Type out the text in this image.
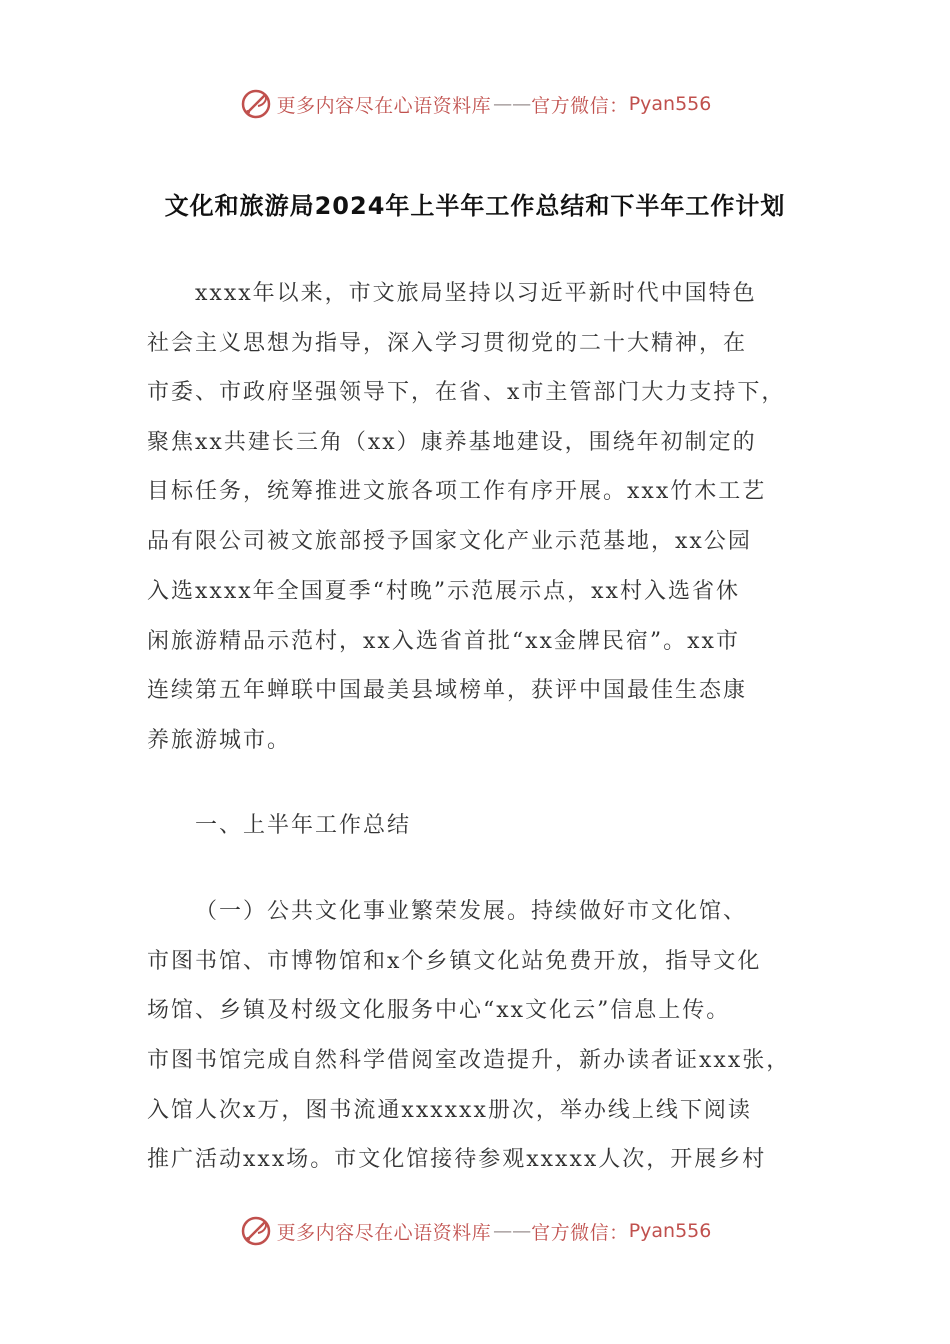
更多内容尽在心语资料库 —— 官方微信： Pyan556
文化和旅游局2024年上半年工作总结和下半年工作计划
xxxx年以来，市文旅局坚持以习近平新时代中国特色
社会主义思想为指导，深入学习贯彻党的二十大精神，在
市委、市政府坚强领导下，在省、x市主管部门大力支持下，
聚焦xx共建长三角（xx）康养基地建设，围绕年初制定的
目标任务，统筹推进文旅各项工作有序开展。xxx竹木工艺
品有限公司被文旅部授予国家文化产业示范基地，xx公园
入选xxxx年全国夏季“村晚”示范展示点，xx村入选省休
闲旅游精品示范村，xx入选省首批“xx金牌民宿”。xx市
连续第五年蝉联中国最美县域榜单，获评中国最佳生态康
养旅游城市。
一、上半年工作总结
（一）公共文化事业繁荣发展。持续做好市文化馆、
市图书馆、市博物馆和x个乡镇文化站免费开放，指导文化
场馆、乡镇及村级文化服务中心“xx文化云”信息上传。
市图书馆完成自然科学借阅室改造提升，新办读者证xxx张，
入馆人次x万，图书流通xxxxxx册次，举办线上线下阅读
推广活动xxx场。市文化馆接待参观xxxxx人次，开展乡村
更多内容尽在心语资料库 —— 官方微信： Pyan556
